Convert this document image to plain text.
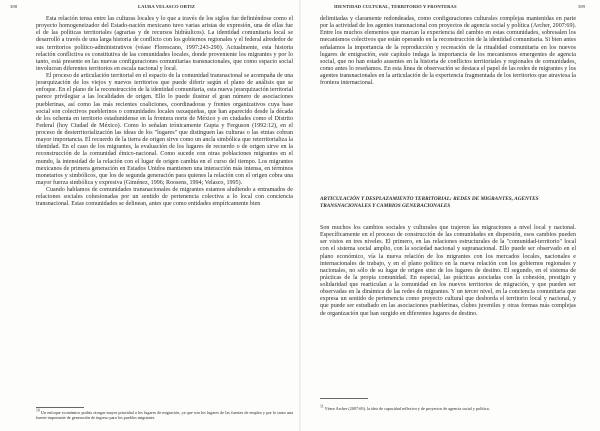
388	LAURA VELASCO ORTIZ

Esta relación tensa entre las culturas locales y lo que a través de los siglos fue definiéndose como el proyecto homogeneizador del Estado-nación mexicano tuvo varias aristas de expresión, una de ellas fue el de las políticas territoriales (agrarias y de recursos hidráulicos). La identidad comunitaria local se desarrolló a través de una larga historia de conflicto con los gobiernos regionales y el federal alrededor de sus territorios político-administrativos (véase Florescano, 1997:243-290). Actualmente, esta historia relación conflictiva es constitutiva de las comunidades locales, donde proveniente los migrantes y por lo tanto, está presente en las nuevas configuraciones comunitarias transnacionales, que como espacio social involucran diferentes territorios en escala nacional y local.

El proceso de articulación territorial en el espacio de la comunidad transnacional se acompaña de una jerarquización de los viejos y nuevos territorios que puede diferir según el plano de análisis que se enfoque. En el plano de la reconstrucción de la identidad comunitaria, esta nueva jerarquización territorial parece privilegiar a las localidades de origen. Ello lo puede ilustrar el gran número de asociaciones pueblerinas, así como las más recientes coaliciones, coordinadoras y frentes organizativos cuya base social son colectivos pueblerinos o comunidades locales oaxaqueñas, que han aparecido desde la década de los ochenta en territorio estadunidense en la frontera norte de México y en ciudades como el Distrito Federal (hoy Ciudad de México). Como lo señalan irónicamente Gupta y Ferguson (1992:12), en el proceso de desterritorialización las ideas de los "lugares" que distinguen las culturas o las etnias cobran mayor importancia. El recuerdo de la tierra de origen sirve como un ancla simbólica que reterritorializa la identidad. En el caso de los migrantes, la evaluación de los lugares de recuerdo o de origen sirve en la reconstrucción de la comunidad étnico-nacional. Como sucede con otras poblaciones migrantes en el mundo, la intensidad de la relación con el lugar de origen cambia en el curso del tiempo. Los migrantes mexicanos de primera generación en Estados Unidos mantienen una interacción más intensa, en términos monetarios y simbólicos, que los de segunda generación para quienes la relación con el origen cobra una mayor fuerza simbólica y expresiva (Giménez, 1996; Roosens, 1994; Velasco, 1995).

Cuando hablamos de comunidades transnacionales de migrantes estamos aludiendo a entramados de relaciones sociales cohesionadas por un sentido de pertenencia colectiva a lo local con conciencia transnacional. Estas comunidades se delinean, antes que como entidades empíricamente bien

$^{10}$ Un enfoque económico podría otorgar mayor prioridad a los lugares de migración, ya que son los lugares de las fuentes de empleo y por lo tanto una fuente importante de generación de ingreso para los pueblos migrantes.
IDENTIDAD CULTURAL, TERRITORIO Y FRONTERAS	389

delimitadas y claramente redondeadas, como configuraciones culturales complejas mantenidas en parte por la actividad de los agentes transnacional con proyectos de agencia social y política (Archer, 2007:69). Entre los muchos elementos que marcan la experiencia del cambio en estas comunidades, sobresalen los mecanismos colectivos que están operando en la reconstrucción de la identidad comunitaria. Si bien antes señalamos la importancia de la reproducción y recreación de la ritualidad comunitaria en los nuevos lugares de emigración, este capítulo indaga la importancia de los mecanismos emergentes de agencia social, que no han estado ausentes en la historia de conflictos territoriales y regionales de comunidades, como antes lo reseñamos. En esta línea de observación se destaca el papel de las redes de migrantes y los agentes transnacionales en la articulación de la experiencia fragmentada de los territorios que atraviesa la frontera internacional.

ARTICULACIÓN Y DESPLAZAMIENTO TERRITORIAL: REDES DE MIGRANTES, AGENTES TRANSNACIONALES Y CAMBIOS GENERACIONALES

Son muchos los cambios sociales y culturales que trajeron las migraciones a nivel local y nacional. Específicamente en el proceso de construcción de las comunidades en dispersión, esos cambios pueden ser vistos en tres niveles. El primero, en las relaciones estructurales de la "comunidad-territorio" local con el sistema social amplio, con la sociedad nacional y supranacional. Ello puede ser observado en el plano económico, vía la nueva relación de los migrantes con los mercados locales, nacionales e internacionales de trabajo, y en el plano político en la nueva relación con los gobiernos regionales y nacionales, no sólo de su lugar de origen sino de los lugares de destino. El segundo, en el sistema de prácticas de la propia comunidad. En especial, las prácticas asociadas con la cohesión, prestigio y solidaridad que rearticulan a la comunidad en los nuevos territorios de migración, y que pueden ser observadas en la dinámica de las redes de migrantes. Y un tercer nivel, en la conciencia comunitaria que expresa un sentido de pertenencia como proyecto cultural que desborda el territorio local y nacional, y que puede ser estudiado en las asociaciones pueblerinas, clubes juveniles y otras formas más complejas de organización que han surgido en diferentes lugares de destino.

$^{11}$ Véase Archer (2007:69), la idea de capacidad reflexiva y de proyectos de agencia social y política.
